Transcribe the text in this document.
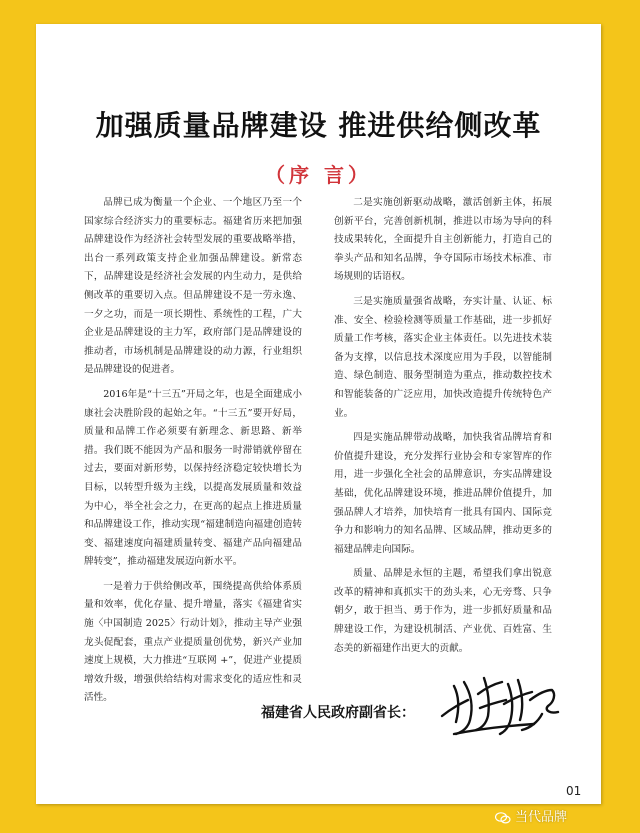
加强质量品牌建设 推进供给侧改革
（序 言）

品牌已成为衡量一个企业、一个地区乃至一个国家综合经济实力的重要标志。福建省历来把加强品牌建设作为经济社会转型发展的重要战略举措，出台一系列政策支持企业加强品牌建设。新常态下，品牌建设是经济社会发展的内生动力，是供给侧改革的重要切入点。但品牌建设不是一劳永逸、一夕之功，而是一项长期性、系统性的工程，广大企业是品牌建设的主力军，政府部门是品牌建设的推动者，市场机制是品牌建设的动力源，行业组织是品牌建设的促进者。

2016年是“十三五”开局之年，也是全面建成小康社会决胜阶段的起始之年。“十三五”要开好局，质量和品牌工作必须要有新理念、新思路、新举措。我们既不能因为产品和服务一时滞销就停留在过去，要面对新形势，以保持经济稳定较快增长为目标，以转型升级为主线，以提高发展质量和效益为中心，举全社会之力，在更高的起点上推进质量和品牌建设工作，推动实现“福建制造向福建创造转变、福建速度向福建质量转变、福建产品向福建品牌转变”，推动福建发展迈向新水平。

一是着力于供给侧改革，围绕提高供给体系质量和效率，优化存量、提升增量，落实《福建省实施〈中国制造 2025〉行动计划》，推动主导产业强龙头促配套，重点产业提质量创优势，新兴产业加速度上规模，大力推进“互联网 +”，促进产业提质增效升级，增强供给结构对需求变化的适应性和灵活性。

二是实施创新驱动战略，激活创新主体，拓展创新平台，完善创新机制，推进以市场为导向的科技成果转化，全面提升自主创新能力，打造自己的拳头产品和知名品牌，争夺国际市场技术标准、市场规则的话语权。

三是实施质量强省战略，夯实计量、认证、标准、安全、检验检测等质量工作基础，进一步抓好质量工作考核，落实企业主体责任。以先进技术装备为支撑，以信息技术深度应用为手段，以智能制造、绿色制造、服务型制造为重点，推动数控技术和智能装备的广泛应用，加快改造提升传统特色产业。

四是实施品牌带动战略，加快我省品牌培育和价值提升建设，充分发挥行业协会和专家智库的作用，进一步强化全社会的品牌意识，夯实品牌建设基础，优化品牌建设环境，推进品牌价值提升，加强品牌人才培养，加快培育一批具有国内、国际竞争力和影响力的知名品牌、区域品牌，推动更多的福建品牌走向国际。

质量、品牌是永恒的主题，希望我们拿出锐意改革的精神和真抓实干的劲头来，心无旁骛、只争朝夕，敢于担当、勇于作为，进一步抓好质量和品牌建设工作，为建设机制活、产业优、百姓富、生态美的新福建作出更大的贡献。

福建省人民政府副省长：
01
当代品牌
